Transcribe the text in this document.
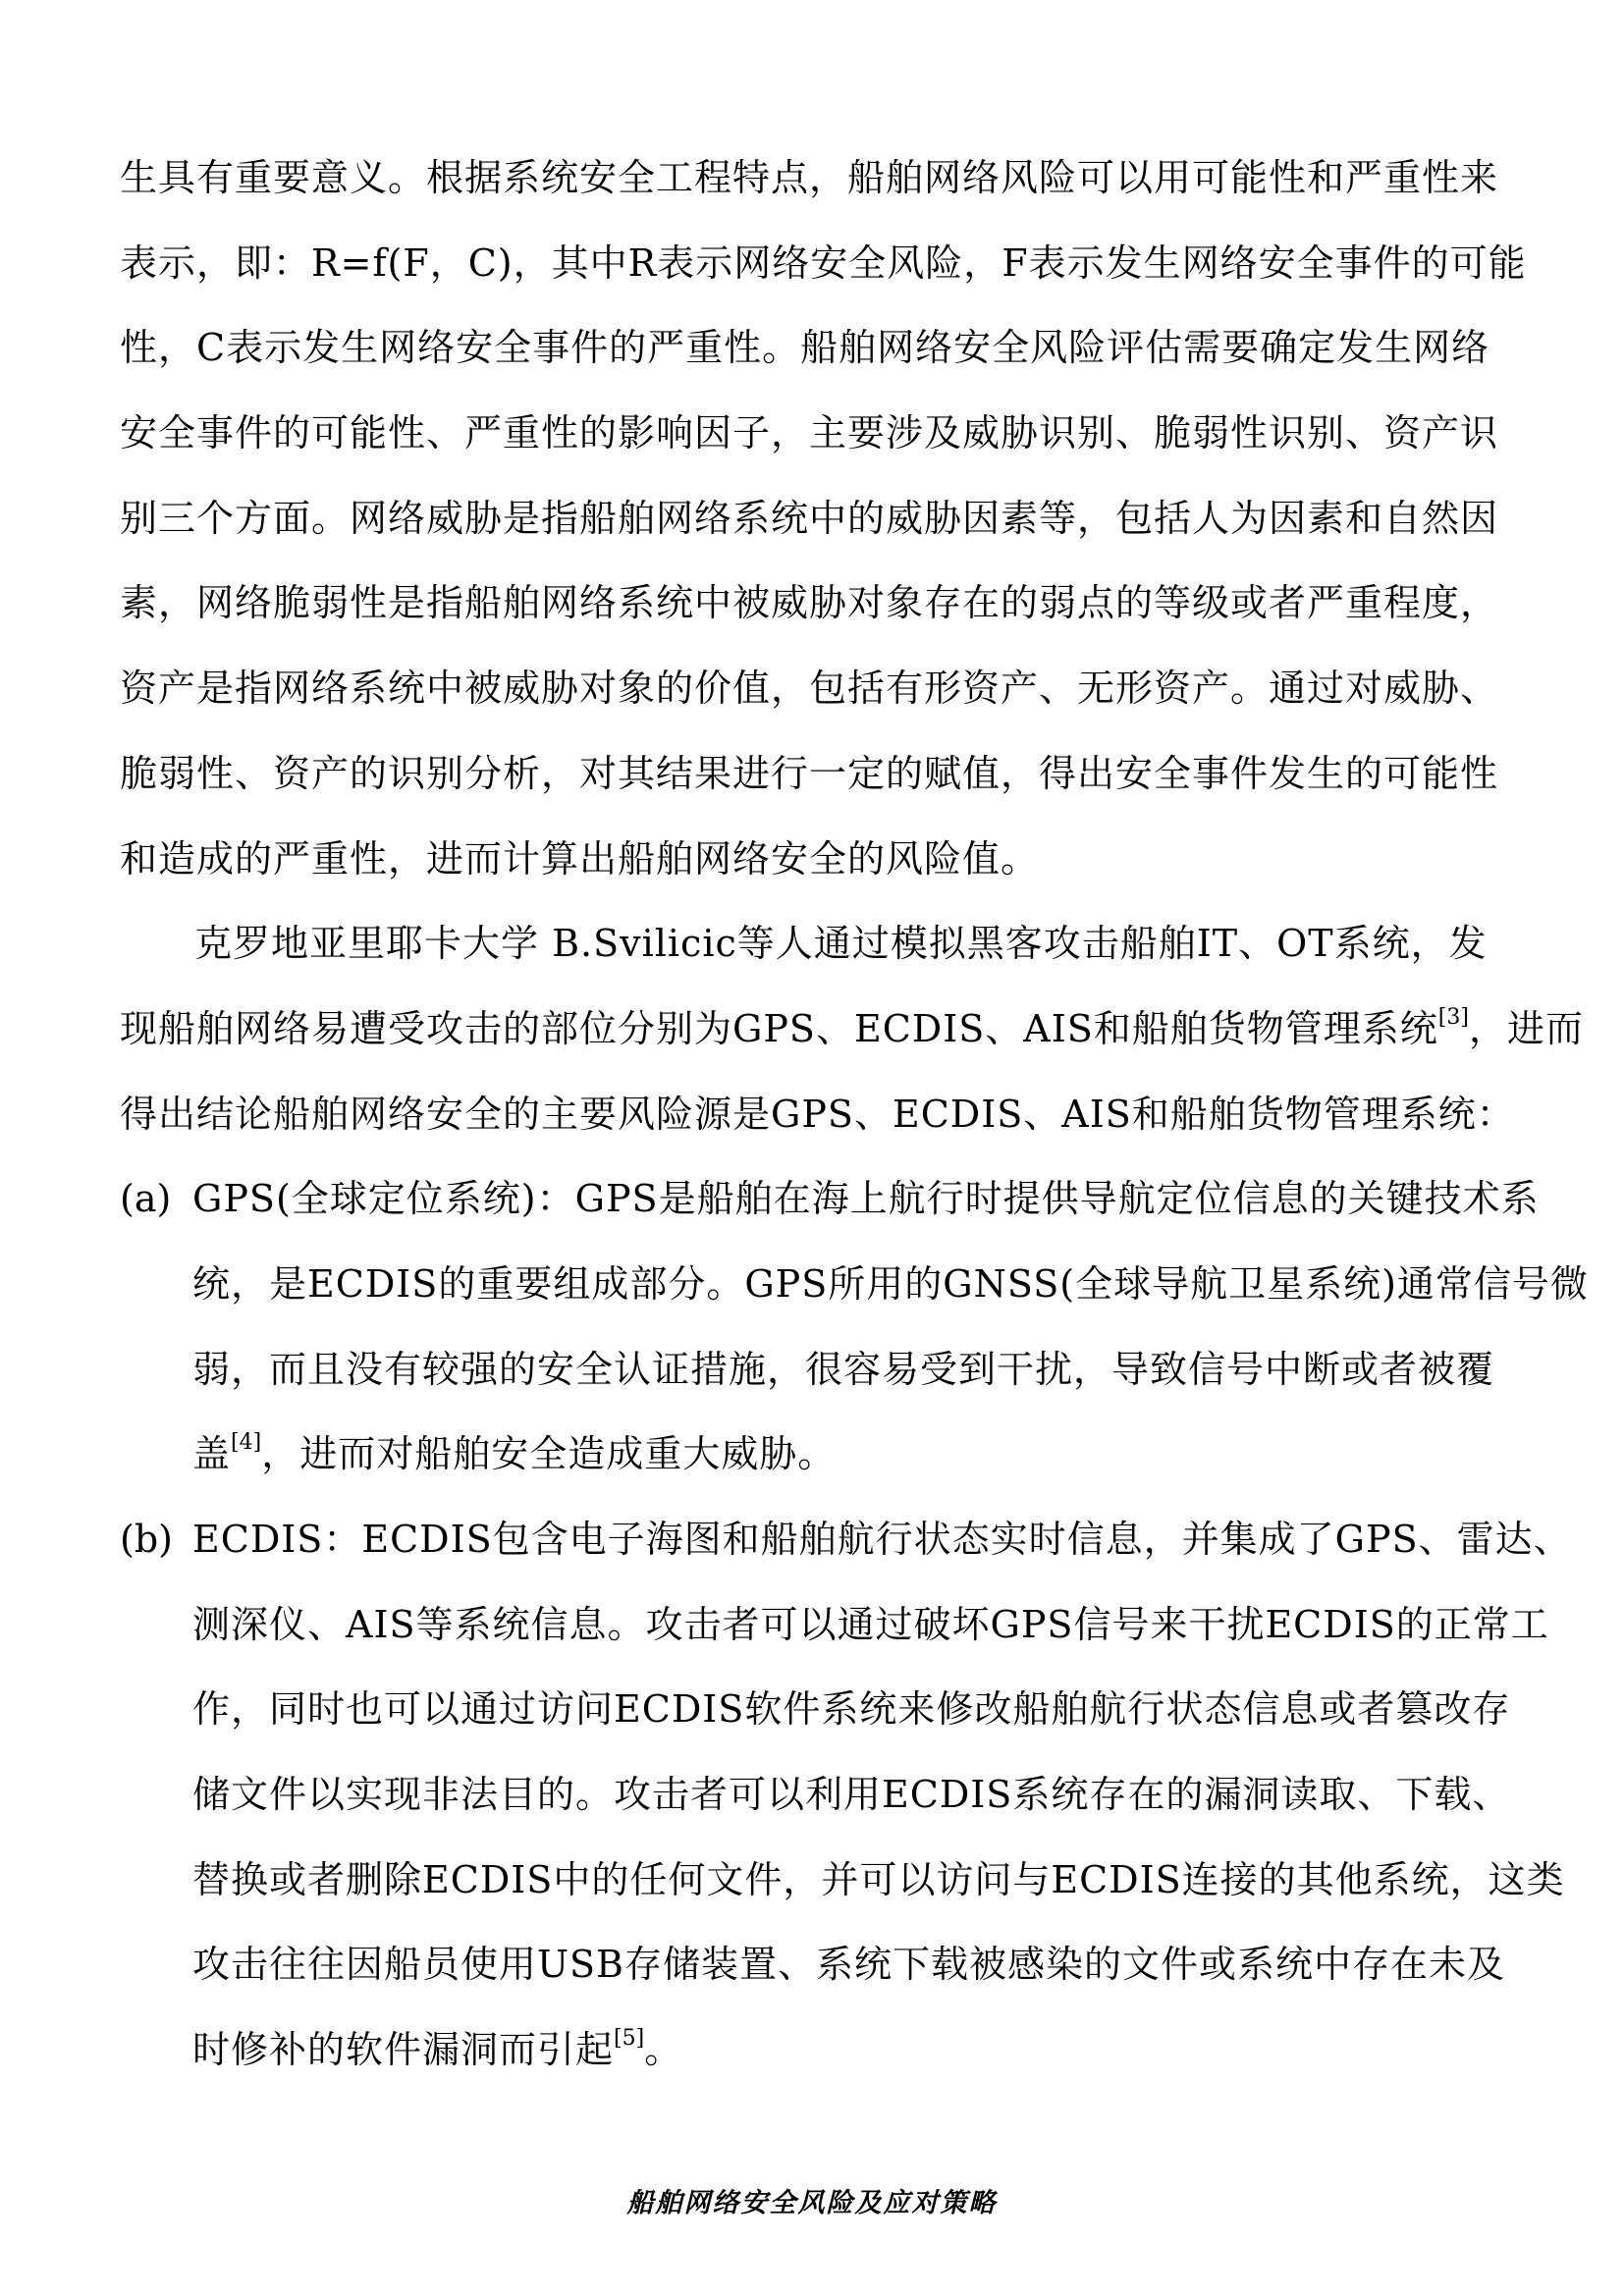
生具有重要意义。根据系统安全工程特点，船舶网络风险可以用可能性和严重性来
表示，即：R=f(F，C)，其中R表示网络安全风险，F表示发生网络安全事件的可能
性，C表示发生网络安全事件的严重性。船舶网络安全风险评估需要确定发生网络
安全事件的可能性、严重性的影响因子，主要涉及威胁识别、脆弱性识别、资产识
别三个方面。网络威胁是指船舶网络系统中的威胁因素等，包括人为因素和自然因
素，网络脆弱性是指船舶网络系统中被威胁对象存在的弱点的等级或者严重程度，
资产是指网络系统中被威胁对象的价值，包括有形资产、无形资产。通过对威胁、
脆弱性、资产的识别分析，对其结果进行一定的赋值，得出安全事件发生的可能性
和造成的严重性，进而计算出船舶网络安全的风险值。
克罗地亚里耶卡大学 B.Svilicic等人通过模拟黑客攻击船舶IT、OT系统，发
现船舶网络易遭受攻击的部位分别为GPS、ECDIS、AIS和船舶货物管理系统[3]，进而
得出结论船舶网络安全的主要风险源是GPS、ECDIS、AIS和船舶货物管理系统：
(a) GPS(全球定位系统)：GPS是船舶在海上航行时提供导航定位信息的关键技术系
统，是ECDIS的重要组成部分。GPS所用的GNSS(全球导航卫星系统)通常信号微
弱，而且没有较强的安全认证措施，很容易受到干扰，导致信号中断或者被覆
盖[4]，进而对船舶安全造成重大威胁。
(b) ECDIS：ECDIS包含电子海图和船舶航行状态实时信息，并集成了GPS、雷达、
测深仪、AIS等系统信息。攻击者可以通过破坏GPS信号来干扰ECDIS的正常工
作，同时也可以通过访问ECDIS软件系统来修改船舶航行状态信息或者篡改存
储文件以实现非法目的。攻击者可以利用ECDIS系统存在的漏洞读取、下载、
替换或者删除ECDIS中的任何文件，并可以访问与ECDIS连接的其他系统，这类
攻击往往因船员使用USB存储装置、系统下载被感染的文件或系统中存在未及
时修补的软件漏洞而引起[5]。
船舶网络安全风险及应对策略
